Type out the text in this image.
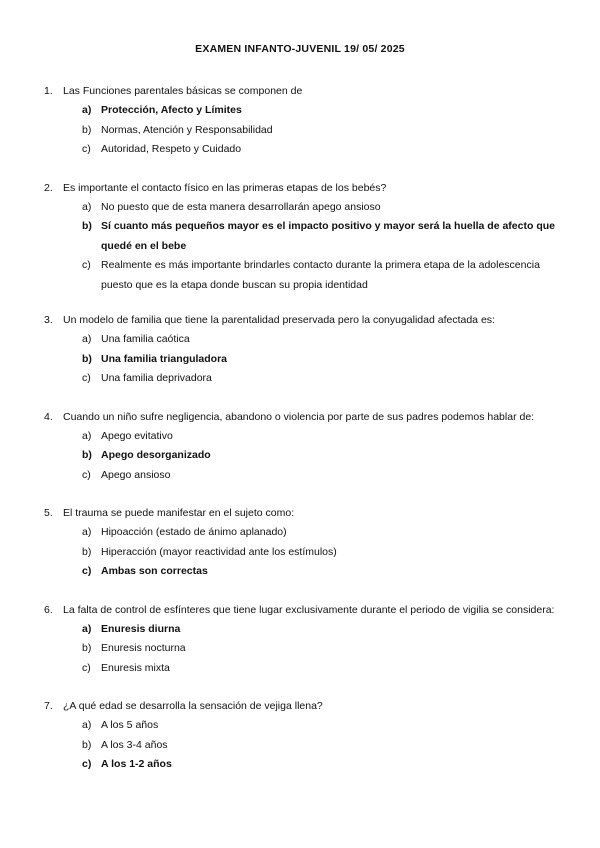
EXAMEN INFANTO-JUVENIL 19/ 05/ 2025
1. Las Funciones parentales básicas se componen de
a) Protección, Afecto y Límites
b) Normas, Atención y Responsabilidad
c) Autoridad, Respeto y Cuidado
2. Es importante el contacto físico en las primeras etapas de los bebés?
a) No puesto que de esta manera desarrollarán apego ansioso
b) Sí cuanto más pequeños mayor es el impacto positivo y mayor será la huella de afecto que quedé en el bebe
c) Realmente es más importante brindarles contacto durante la primera etapa de la adolescencia puesto que es la etapa donde buscan su propia identidad
3. Un modelo de familia que tiene la parentalidad preservada pero la conyugalidad afectada es:
a) Una familia caótica
b) Una familia trianguladora
c) Una familia deprivadora
4. Cuando un niño sufre negligencia, abandono o violencia por parte de sus padres podemos hablar de:
a) Apego evitativo
b) Apego desorganizado
c) Apego ansioso
5. El trauma se puede manifestar en el sujeto como:
a) Hipoacción (estado de ánimo aplanado)
b) Hiperacción (mayor reactividad ante los estímulos)
c) Ambas son correctas
6. La falta de control de esfínteres que tiene lugar exclusivamente durante el periodo de vigilia se considera:
a) Enuresis diurna
b) Enuresis nocturna
c) Enuresis mixta
7. ¿A qué edad se desarrolla la sensación de vejiga llena?
a) A los 5 años
b) A los 3-4 años
c) A los 1-2 años
